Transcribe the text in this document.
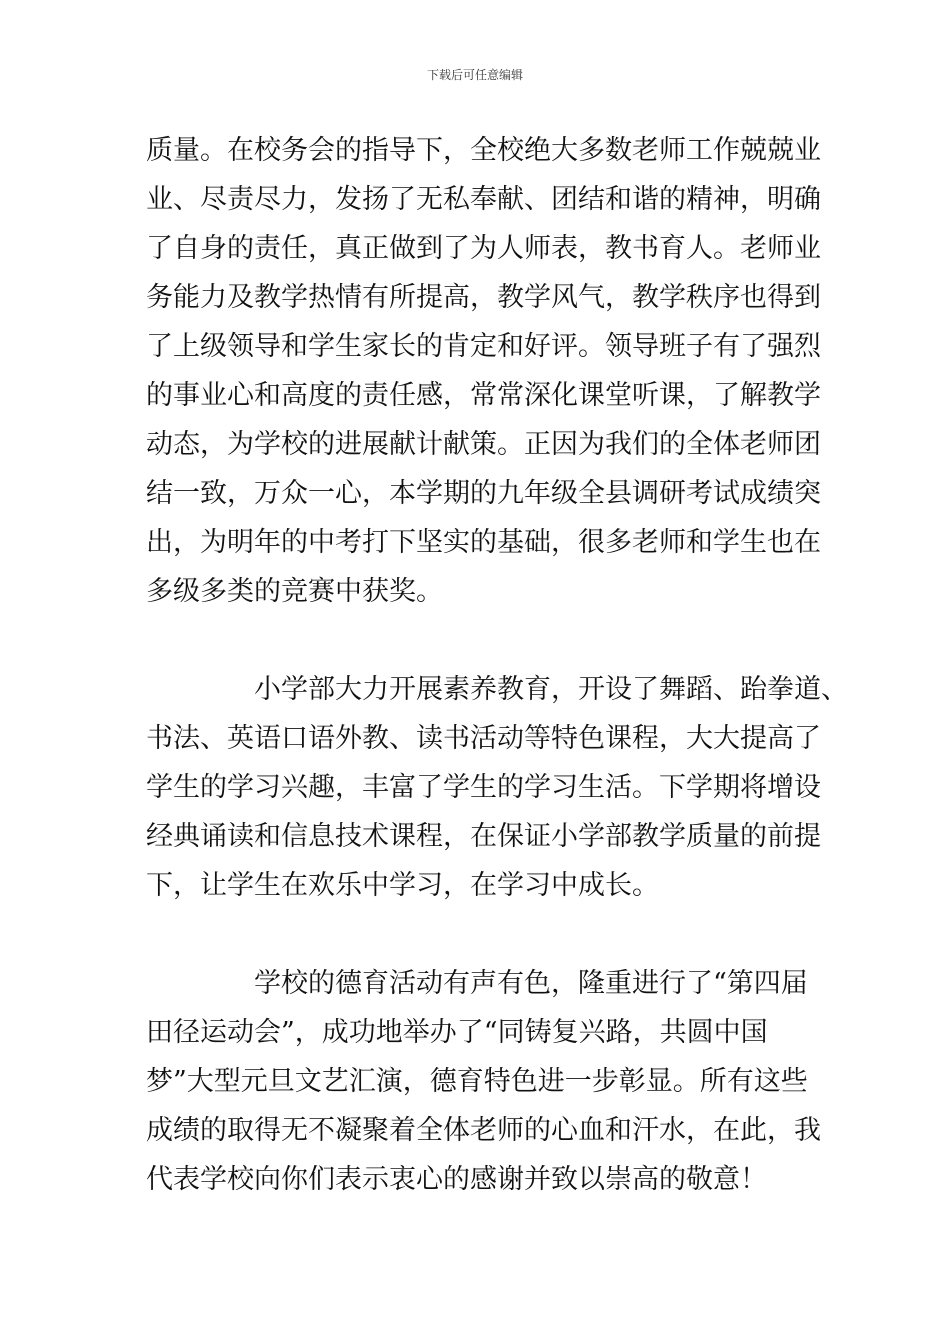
下载后可任意编辑

质量。在校务会的指导下，全校绝大多数老师工作兢兢业

业、尽责尽力，发扬了无私奉献、团结和谐的精神，明确

了自身的责任，真正做到了为人师表，教书育人。老师业

务能力及教学热情有所提高，教学风气，教学秩序也得到

了上级领导和学生家长的肯定和好评。领导班子有了强烈

的事业心和高度的责任感，常常深化课堂听课，了解教学

动态，为学校的进展献计献策。正因为我们的全体老师团

结一致，万众一心，本学期的九年级全县调研考试成绩突

出，为明年的中考打下坚实的基础，很多老师和学生也在

多级多类的竞赛中获奖。

小学部大力开展素养教育，开设了舞蹈、跆拳道、

书法、英语口语外教、读书活动等特色课程，大大提高了

学生的学习兴趣，丰富了学生的学习生活。下学期将增设

经典诵读和信息技术课程，在保证小学部教学质量的前提

下，让学生在欢乐中学习，在学习中成长。

学校的德育活动有声有色，隆重进行了“第四届

田径运动会”，成功地举办了“同铸复兴路，共圆中国

梦”大型元旦文艺汇演，德育特色进一步彰显。所有这些

成绩的取得无不凝聚着全体老师的心血和汗水，在此，我

代表学校向你们表示衷心的感谢并致以崇高的敬意！
